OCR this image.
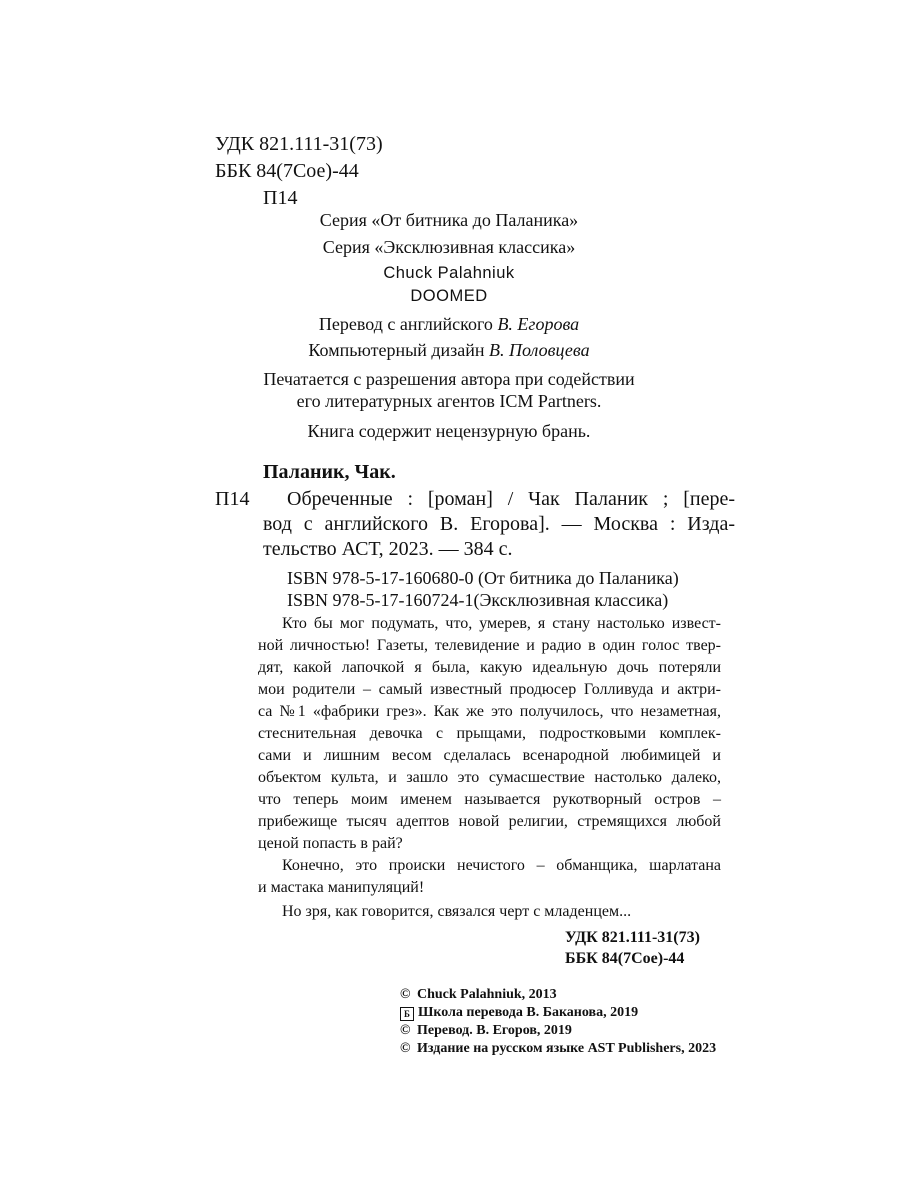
УДК 821.111-31(73)
ББК 84(7Сое)-44
П14
Серия «От битника до Паланика»
Серия «Эксклюзивная классика»
Chuck Palahniuk
DOOMED
Перевод с английского В. Егорова
Компьютерный дизайн В. Половцева
Печатается с разрешения автора при содействии
его литературных агентов ICM Partners.
Книга содержит нецензурную брань.
Паланик, Чак.
П14 Обреченные : [роман] / Чак Паланик ; [пере-
вод с английского В. Егорова]. — Москва : Изда-
тельство АСТ, 2023. — 384 с.
ISBN 978-5-17-160680-0 (От битника до Паланика)
ISBN 978-5-17-160724-1(Эксклюзивная классика)
Кто бы мог подумать, что, умерев, я стану настолько извест-
ной личностью! Газеты, телевидение и радио в один голос твер-
дят, какой лапочкой я была, какую идеальную дочь потеряли
мои родители – самый известный продюсер Голливуда и актри-
са №1 «фабрики грез». Как же это получилось, что незаметная,
стеснительная девочка с прыщами, подростковыми комплек-
сами и лишним весом сделалась всенародной любимицей и
объектом культа, и зашло это сумасшествие настолько далеко,
что теперь моим именем называется рукотворный остров –
прибежище тысяч адептов новой религии, стремящихся любой
ценой попасть в рай?
Конечно, это происки нечистого – обманщика, шарлатана
и мастака манипуляций!
Но зря, как говорится, связался черт с младенцем...
УДК 821.111-31(73)
ББК 84(7Сое)-44
© Chuck Palahniuk, 2013
Б Школа перевода В. Баканова, 2019
© Перевод. В. Егоров, 2019
© Издание на русском языке AST Publishers, 2023
